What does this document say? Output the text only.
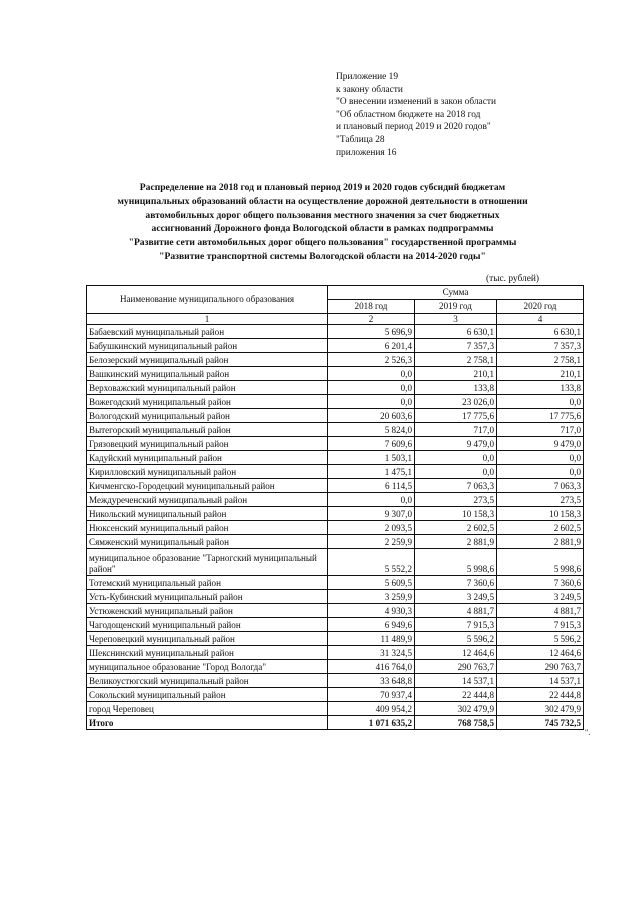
Приложение 19
к закону области
"О внесении изменений в закон области
"Об областном бюджете на 2018 год
и плановый период 2019 и 2020 годов"
"Таблица 28
приложения 16
Распределение на 2018 год и плановый период 2019 и 2020 годов субсидий бюджетам
муниципальных образований области на осуществление дорожной деятельности в отношении
автомобильных дорог общего пользования местного значения за счет бюджетных
ассигнований Дорожного фонда Вологодской области в рамках подпрограммы
"Развитие сети автомобильных дорог общего пользования" государственной программы
"Развитие транспортной системы Вологодской области на 2014-2020 годы"
(тыс. рублей)
Наименование муниципального образования	Сумма		
	2018 год	2019 год	2020 год
1	2	3	4
Бабаевский муниципальный район	5 696,9	6 630,1	6 630,1
Бабушкинский муниципальный район	6 201,4	7 357,3	7 357,3
Белозерский муниципальный район	2 526,3	2 758,1	2 758,1
Вашкинский муниципальный район	0,0	210,1	210,1
Верховажский муниципальный район	0,0	133,8	133,8
Вожегодский муниципальный район	0,0	23 026,0	0,0
Вологодский муниципальный район	20 603,6	17 775,6	17 775,6
Вытегорский муниципальный район	5 824,0	717,0	717,0
Грязовецкий муниципальный район	7 609,6	9 479,0	9 479,0
Кадуйский муниципальный район	1 503,1	0,0	0,0
Кирилловский муниципальный район	1 475,1	0,0	0,0
Кичменгско-Городецкий муниципальный район	6 114,5	7 063,3	7 063,3
Междуреченский муниципальный район	0,0	273,5	273,5
Никольский муниципальный район	9 307,0	10 158,3	10 158,3
Нюксенский муниципальный район	2 093,5	2 602,5	2 602,5
Сямженский муниципальный район	2 259,9	2 881,9	2 881,9
муниципальное образование "Тарногский муниципальный район"	5 552,2	5 998,6	5 998,6
Тотемский муниципальный район	5 609,5	7 360,6	7 360,6
Усть-Кубинский муниципальный район	3 259,9	3 249,5	3 249,5
Устюженский муниципальный район	4 930,3	4 881,7	4 881,7
Чагодощенский муниципальный район	6 949,6	7 915,3	7 915,3
Череповецкий муниципальный район	11 489,9	5 596,2	5 596,2
Шекснинский муниципальный район	31 324,5	12 464,6	12 464,6
муниципальное образование "Город Вологда"	416 764,0	290 763,7	290 763,7
Великоустюгский муниципальный район	33 648,8	14 537,1	14 537,1
Сокольский муниципальный район	70 937,4	22 444,8	22 444,8
город Череповец	409 954,2	302 479,9	302 479,9
Итого	1 071 635,2	768 758,5	745 732,5
".
